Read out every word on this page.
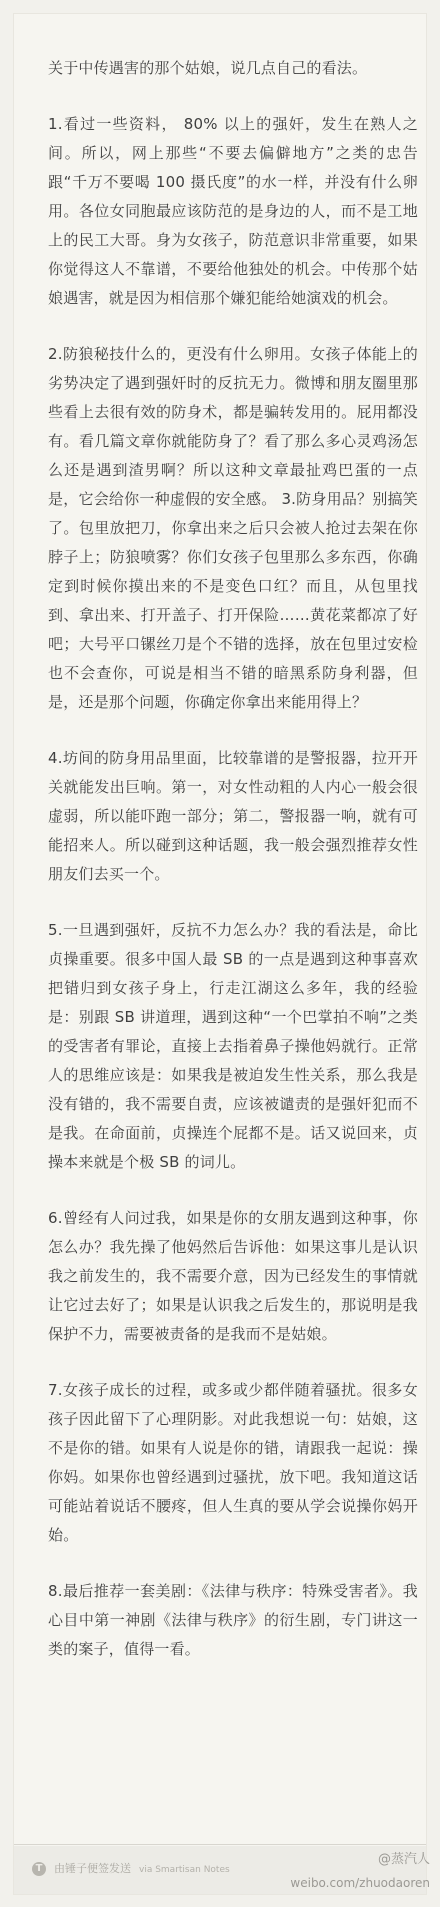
关于中传遇害的那个姑娘，说几点自己的看法。

1.看过一些资料， 80% 以上的强奸，发生在熟人之间。所以，网上那些“不要去偏僻地方”之类的忠告跟“千万不要喝 100 摄氏度”的水一样，并没有什么卵用。各位女同胞最应该防范的是身边的人，而不是工地上的民工大哥。身为女孩子，防范意识非常重要，如果你觉得这人不靠谱，不要给他独处的机会。中传那个姑娘遇害，就是因为相信那个嫌犯能给她演戏的机会。

2.防狼秘技什么的，更没有什么卵用。女孩子体能上的劣势决定了遇到强奸时的反抗无力。微博和朋友圈里那些看上去很有效的防身术，都是骗转发用的。屁用都没有。看几篇文章你就能防身了？看了那么多心灵鸡汤怎么还是遇到渣男啊？所以这种文章最扯鸡巴蛋的一点是，它会给你一种虚假的安全感。 3.防身用品？别搞笑了。包里放把刀，你拿出来之后只会被人抢过去架在你脖子上；防狼喷雾？你们女孩子包里那么多东西，你确定到时候你摸出来的不是变色口红？而且，从包里找到、拿出来、打开盖子、打开保险……黄花菜都凉了好吧；大号平口镙丝刀是个不错的选择，放在包里过安检也不会查你，可说是相当不错的暗黑系防身利器，但是，还是那个问题，你确定你拿出来能用得上？

4.坊间的防身用品里面，比较靠谱的是警报器，拉开开关就能发出巨响。第一，对女性动粗的人内心一般会很虚弱，所以能吓跑一部分；第二，警报器一响，就有可能招来人。所以碰到这种话题，我一般会强烈推荐女性朋友们去买一个。

5.一旦遇到强奸，反抗不力怎么办？我的看法是，命比贞操重要。很多中国人最 SB 的一点是遇到这种事喜欢把错归到女孩子身上，行走江湖这么多年，我的经验是：别跟 SB 讲道理，遇到这种“一个巴掌拍不响”之类的受害者有罪论，直接上去指着鼻子操他妈就行。正常人的思维应该是：如果我是被迫发生性关系，那么我是没有错的，我不需要自责，应该被谴责的是强奸犯而不是我。在命面前，贞操连个屁都不是。话又说回来，贞操本来就是个极 SB 的词儿。

6.曾经有人问过我，如果是你的女朋友遇到这种事，你怎么办？我先操了他妈然后告诉他：如果这事儿是认识我之前发生的，我不需要介意，因为已经发生的事情就让它过去好了；如果是认识我之后发生的，那说明是我保护不力，需要被责备的是我而不是姑娘。

7.女孩子成长的过程，或多或少都伴随着骚扰。很多女孩子因此留下了心理阴影。对此我想说一句：姑娘，这不是你的错。如果有人说是你的错，请跟我一起说：操你妈。如果你也曾经遇到过骚扰，放下吧。我知道这话可能站着说话不腰疼，但人生真的要从学会说操你妈开始。

8.最后推荐一套美剧：《法律与秩序：特殊受害者》。我心目中第一神剧《法律与秩序》的衍生剧，专门讲这一类的案子，值得一看。

T	由锤子便签发送 via Smartisan Notes
@蒸汽人
weibo.com/zhuodaoren
